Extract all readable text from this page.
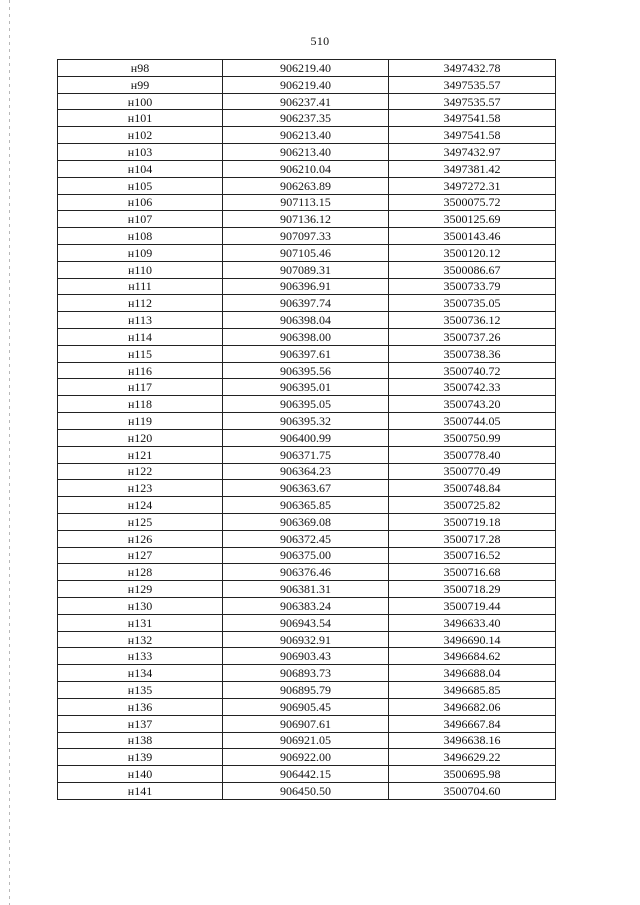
510
н98	906219.40	3497432.78
н99	906219.40	3497535.57
н100	906237.41	3497535.57
н101	906237.35	3497541.58
н102	906213.40	3497541.58
н103	906213.40	3497432.97
н104	906210.04	3497381.42
н105	906263.89	3497272.31
н106	907113.15	3500075.72
н107	907136.12	3500125.69
н108	907097.33	3500143.46
н109	907105.46	3500120.12
н110	907089.31	3500086.67
н111	906396.91	3500733.79
н112	906397.74	3500735.05
н113	906398.04	3500736.12
н114	906398.00	3500737.26
н115	906397.61	3500738.36
н116	906395.56	3500740.72
н117	906395.01	3500742.33
н118	906395.05	3500743.20
н119	906395.32	3500744.05
н120	906400.99	3500750.99
н121	906371.75	3500778.40
н122	906364.23	3500770.49
н123	906363.67	3500748.84
н124	906365.85	3500725.82
н125	906369.08	3500719.18
н126	906372.45	3500717.28
н127	906375.00	3500716.52
н128	906376.46	3500716.68
н129	906381.31	3500718.29
н130	906383.24	3500719.44
н131	906943.54	3496633.40
н132	906932.91	3496690.14
н133	906903.43	3496684.62
н134	906893.73	3496688.04
н135	906895.79	3496685.85
н136	906905.45	3496682.06
н137	906907.61	3496667.84
н138	906921.05	3496638.16
н139	906922.00	3496629.22
н140	906442.15	3500695.98
н141	906450.50	3500704.60
